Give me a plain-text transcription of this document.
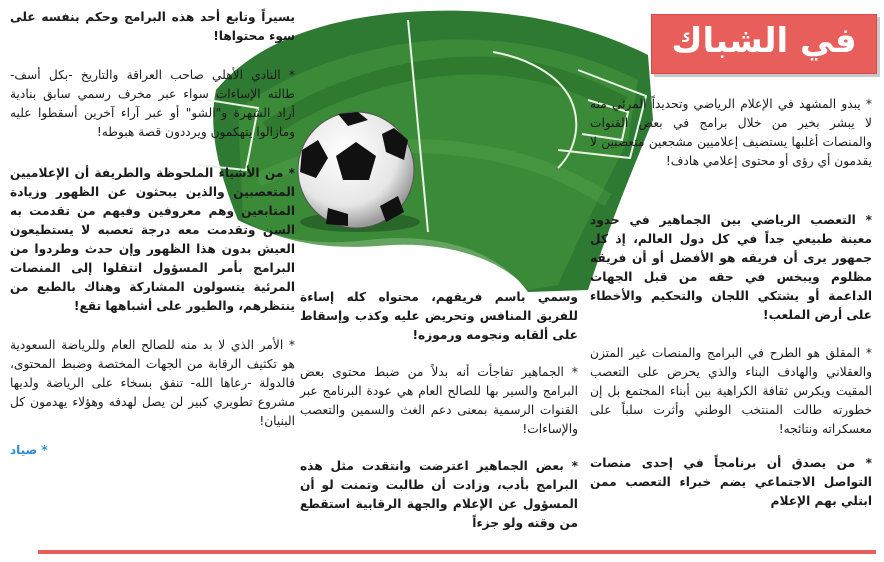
في الشباك

* يبدو المشهد في الإعلام الرياضي وتحديداً المرئي منه لا يبشر بخير من خلال برامج في بعض القنوات والمنصات أغلبها يستضيف إعلاميين مشجعين متعصبين لا يقدمون أي رؤى أو محتوى إعلامي هادف!

* التعصب الرياضي بين الجماهير في حدود معينة طبيعي جداً في كل دول العالم، إذ كل جمهور يرى أن فريقه هو الأفضل أو أن فريقه مظلوم ويبخس في حقه من قبل الجهات الداعمة أو يشتكي اللجان والتحكيم والأخطاء على أرض الملعب!

* المقلق هو الطرح في البرامج والمنصات غير المتزن والعقلاني والهادف البناء والذي يحرض على التعصب المقيت ويكرس ثقافة الكراهية بين أبناء المجتمع بل إن خطورته طالت المنتخب الوطني وأثرت سلباً على معسكراته ونتائجه!

* من يصدق أن برنامجاً في إحدى منصات التواصل الاجتماعي يضم خبراء التعصب ممن ابتلي بهم الإعلام

وسمي باسم فريقهم، محتواه كله إساءة للفريق المنافس وتحريض عليه وكذب وإسقاط على ألقابه ونجومه ورموزه!

* الجماهير تفاجأت أنه بدلاً من ضبط محتوى بعض البرامج والسير بها للصالح العام هي عودة البرنامج عبر القنوات الرسمية بمعنى دعم الغث والسمين والتعصب والإساءات!

* بعض الجماهير اعترضت وانتقدت مثل هذه البرامج بأدب، وزادت أن طالبت وتمنت لو أن المسؤول عن الإعلام والجهة الرقابية استقطع من وقته ولو جزءاً

يسيراً وتابع أحد هذه البرامج وحكم بنفسه على سوء محتواها!

* النادي الأهلي صاحب العراقة والتاريخ -بكل أسف- طالته الإساءات سواء عبر مخرف رسمي سابق بنادية أراد الشهرة و"الشو" أو عبر آراء آخرين أسقطوا عليه ومازالوا يتهكمون ويرددون قصة هبوطه!

* من الأشياء الملحوظة والطريفة أن الإعلاميين المتعصبين والذين يبحثون عن الظهور وزيادة المتابعين وهم معروفين وفيهم من تقدمت به السن وتقدمت معه درجة تعصبه لا يستطيعون العيش بدون هذا الظهور وإن حدث وطردوا من البرامج بأمر المسؤول انتقلوا إلى المنصات المرئية يتسولون المشاركة وهناك بالطبع من ينتظرهم، والطيور على أشباهها تقع!

* الأمر الذي لا بد منه للصالح العام وللرياضة السعودية هو تكثيف الرقابة من الجهات المختصة وضبط المحتوى، فالدولة -رعاها الله- تنفق بسخاء على الرياضة ولديها مشروع تطويري كبير لن يصل لهدفه وهؤلاء يهدمون كل البنيان!

* صياد
